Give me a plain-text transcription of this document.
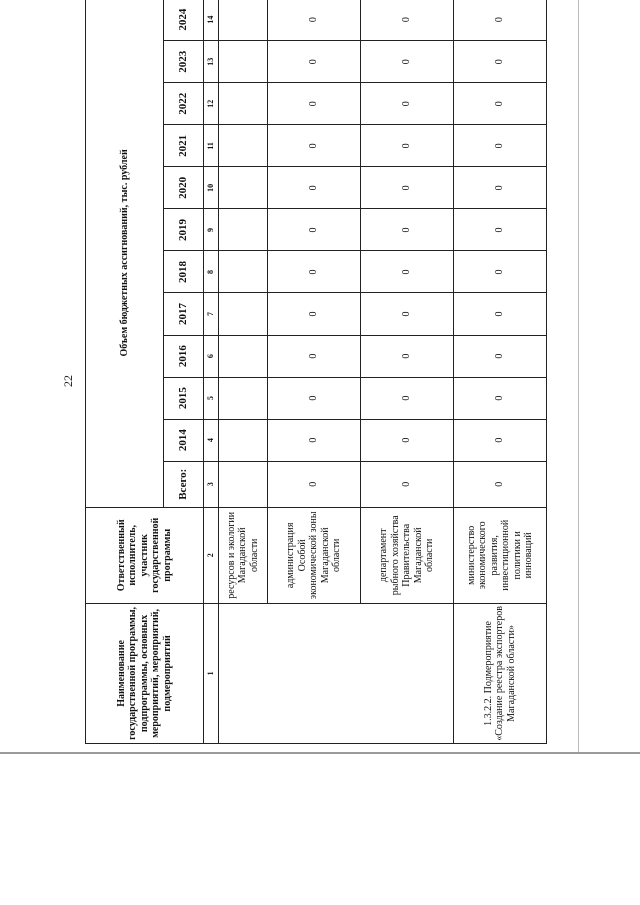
22
Наименование государственной программы, подпрограммы, основных мероприятий, мероприятий, подмероприятий	Ответственный исполнитель, участник государственной программы	Объем бюджетных ассигнований, тыс. рублей											
		Всего:	2014	2015	2016	2017	2018	2019	2020	2021	2022	2023	2024
1	2	3	4	5	6	7	8	9	10	11	12	13	14
	ресурсов и экологии Магаданской области												
	администрация Особой экономической зоны Магаданской области	0	0	0	0	0	0	0	0	0	0	0	0
	департамент рыбного хозяйства Правительства Магаданской области	0	0	0	0	0	0	0	0	0	0	0	0
1.3.2.2. Подмероприятие «Создание реестра экспортеров Магаданской области»	министерство экономического развития, инвестиционной политики и инноваций	0	0	0	0	0	0	0	0	0	0	0	0
